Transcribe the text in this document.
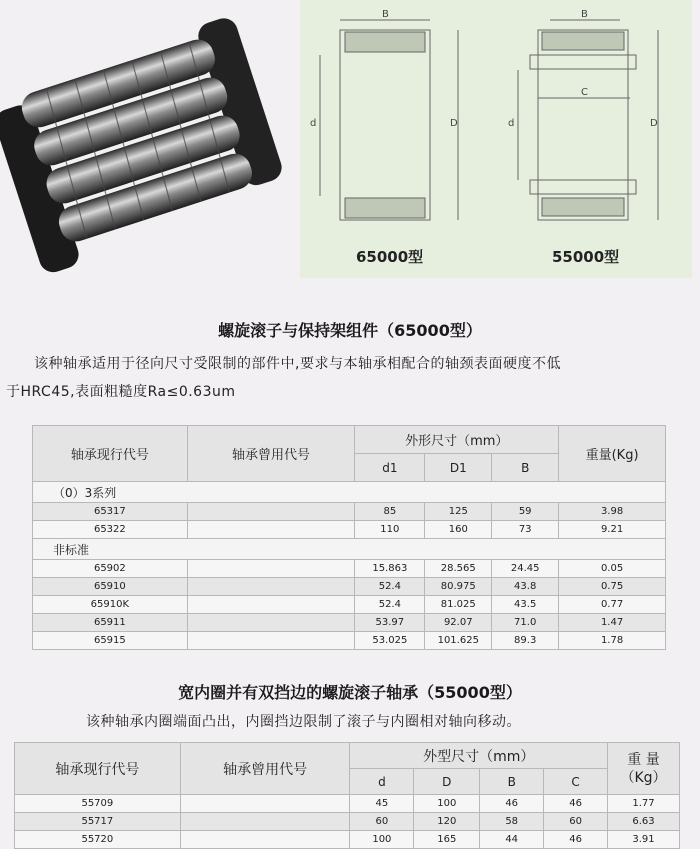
B
d	D
B
C
d	D
65000型	55000型
螺旋滚子与保持架组件（65000型）
该种轴承适用于径向尺寸受限制的部件中,要求与本轴承相配合的轴颈表面硬度不低
于HRC45,表面粗糙度Ra≤0.63um
轴承现行代号	轴承曾用代号	外形尺寸（mm）			重量(Kg)
		d1	D1	B	
（0）3系列					
65317		85	125	59	3.98
65322		110	160	73	9.21
非标准					
65902		15.863	28.565	24.45	0.05
65910		52.4	80.975	43.8	0.75
65910K		52.4	81.025	43.5	0.77
65911		53.97	92.07	71.0	1.47
65915		53.025	101.625	89.3	1.78
宽内圈并有双挡边的螺旋滚子轴承（55000型）
该种轴承内圈端面凸出，内圈挡边限制了滚子与内圈相对轴向移动。
轴承现行代号	轴承曾用代号	外型尺寸（mm）				重 量
（Kg）

		d	D	B	C	
55709		45	100	46	46	1.77
55717		60	120	58	60	6.63
55720		100	165	44	46	3.91
